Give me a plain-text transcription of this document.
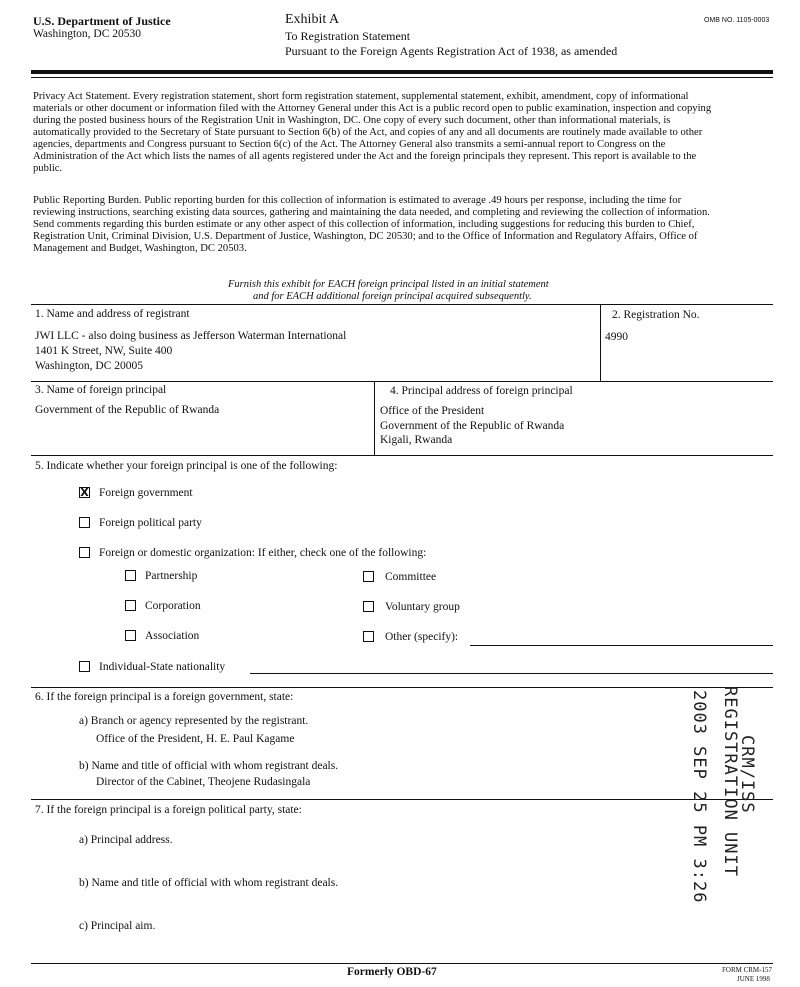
U.S. Department of Justice
Washington, DC 20530
Exhibit A
To Registration Statement
Pursuant to the Foreign Agents Registration Act of 1938, as amended
OMB NO. 1105-0003
Privacy Act Statement. Every registration statement, short form registration statement, supplemental statement, exhibit, amendment, copy of informational
materials or other document or information filed with the Attorney General under this Act is a public record open to public examination, inspection and copying
during the posted business hours of the Registration Unit in Washington, DC. One copy of every such document, other than informational materials, is
automatically provided to the Secretary of State pursuant to Section 6(b) of the Act, and copies of any and all documents are routinely made available to other
agencies, departments and Congress pursuant to Section 6(c) of the Act. The Attorney General also transmits a semi-annual report to Congress on the
Administration of the Act which lists the names of all agents registered under the Act and the foreign principals they represent. This report is available to the
public.
Public Reporting Burden. Public reporting burden for this collection of information is estimated to average .49 hours per response, including the time for
reviewing instructions, searching existing data sources, gathering and maintaining the data needed, and completing and reviewing the collection of information.
Send comments regarding this burden estimate or any other aspect of this collection of information, including suggestions for reducing this burden to Chief,
Registration Unit, Criminal Division, U.S. Department of Justice, Washington, DC 20530; and to the Office of Information and Regulatory Affairs, Office of
Management and Budget, Washington, DC 20503.
Furnish this exhibit for EACH foreign principal listed in an initial statement
and for EACH additional foreign principal acquired subsequently.
1. Name and address of registrant
JWI LLC - also doing business as Jefferson Waterman International
1401 K Street, NW, Suite 400
Washington, DC 20005
2. Registration No.
4990
3. Name of foreign principal
Government of the Republic of Rwanda
4. Principal address of foreign principal
Office of the President
Government of the Republic of Rwanda
Kigali, Rwanda
5. Indicate whether your foreign principal is one of the following:
X Foreign government
Foreign political party
Foreign or domestic organization: If either, check one of the following:
Partnership	Committee
Corporation	Voluntary group
Association	Other (specify):
Individual-State nationality
6. If the foreign principal is a foreign government, state:
a) Branch or agency represented by the registrant.
Office of the President, H. E. Paul Kagame
b) Name and title of official with whom registrant deals.
Director of the Cabinet, Theojene Rudasingala
7. If the foreign principal is a foreign political party, state:
a) Principal address.
b) Name and title of official with whom registrant deals.
c) Principal aim.
CRM/ISS
REGISTRATION UNIT
2003 SEP 25 PM 3:26
Formerly OBD-67	FORM CRM-157
JUNE 1998
